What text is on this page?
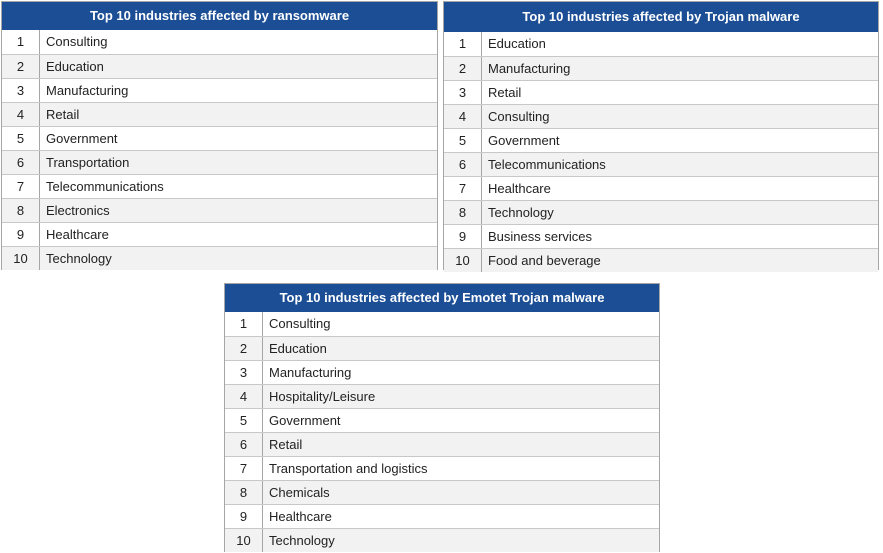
Top 10 industries affected by ransomware
1	Consulting
2	Education
3	Manufacturing
4	Retail
5	Government
6	Transportation
7	Telecommunications
8	Electronics
9	Healthcare
10	Technology
Top 10 industries affected by Trojan malware
1	Education
2	Manufacturing
3	Retail
4	Consulting
5	Government
6	Telecommunications
7	Healthcare
8	Technology
9	Business services
10	Food and beverage
Top 10 industries affected by Emotet Trojan malware
1	Consulting
2	Education
3	Manufacturing
4	Hospitality/Leisure
5	Government
6	Retail
7	Transportation and logistics
8	Chemicals
9	Healthcare
10	Technology
